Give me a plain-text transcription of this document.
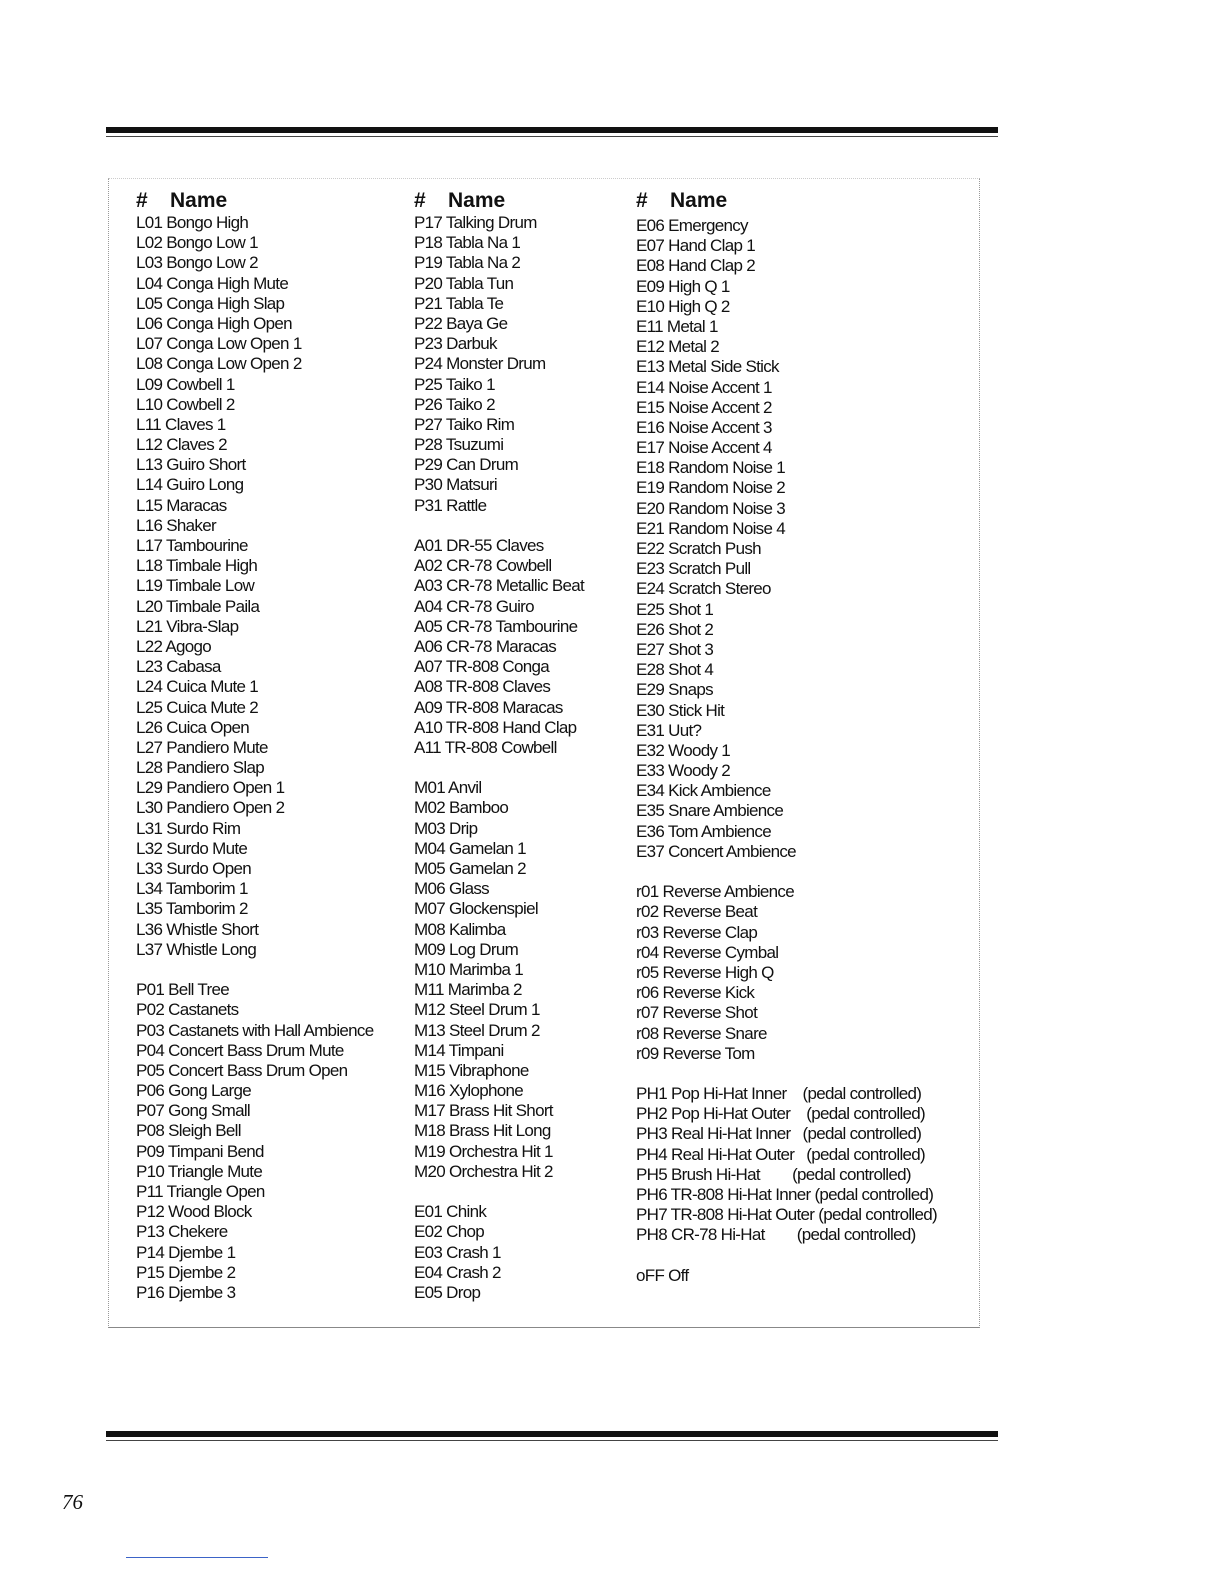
# Name
L01 Bongo High
L02 Bongo Low 1
L03 Bongo Low 2
L04 Conga High Mute
L05 Conga High Slap
L06 Conga High Open
L07 Conga Low Open 1
L08 Conga Low Open 2
L09 Cowbell 1
L10 Cowbell 2
L11 Claves 1
L12 Claves 2
L13 Guiro Short
L14 Guiro Long
L15 Maracas
L16 Shaker
L17 Tambourine
L18 Timbale High
L19 Timbale Low
L20 Timbale Paila
L21 Vibra-Slap
L22 Agogo
L23 Cabasa
L24 Cuica Mute 1
L25 Cuica Mute 2
L26 Cuica Open
L27 Pandiero Mute
L28 Pandiero Slap
L29 Pandiero Open 1
L30 Pandiero Open 2
L31 Surdo Rim
L32 Surdo Mute
L33 Surdo Open
L34 Tamborim 1
L35 Tamborim 2
L36 Whistle Short
L37 Whistle Long
P01 Bell Tree
P02 Castanets
P03 Castanets with Hall Ambience
P04 Concert Bass Drum Mute
P05 Concert Bass Drum Open
P06 Gong Large
P07 Gong Small
P08 Sleigh Bell
P09 Timpani Bend
P10 Triangle Mute
P11 Triangle Open
P12 Wood Block
P13 Chekere
P14 Djembe 1
P15 Djembe 2
P16 Djembe 3
# Name
P17 Talking Drum
P18 Tabla Na 1
P19 Tabla Na 2
P20 Tabla Tun
P21 Tabla Te
P22 Baya Ge
P23 Darbuk
P24 Monster Drum
P25 Taiko 1
P26 Taiko 2
P27 Taiko Rim
P28 Tsuzumi
P29 Can Drum
P30 Matsuri
P31 Rattle
A01 DR-55 Claves
A02 CR-78 Cowbell
A03 CR-78 Metallic Beat
A04 CR-78 Guiro
A05 CR-78 Tambourine
A06 CR-78 Maracas
A07 TR-808 Conga
A08 TR-808 Claves
A09 TR-808 Maracas
A10 TR-808 Hand Clap
A11 TR-808 Cowbell
M01 Anvil
M02 Bamboo
M03 Drip
M04 Gamelan 1
M05 Gamelan 2
M06 Glass
M07 Glockenspiel
M08 Kalimba
M09 Log Drum
M10 Marimba 1
M11 Marimba 2
M12 Steel Drum 1
M13 Steel Drum 2
M14 Timpani
M15 Vibraphone
M16 Xylophone
M17 Brass Hit Short
M18 Brass Hit Long
M19 Orchestra Hit 1
M20 Orchestra Hit 2
E01 Chink
E02 Chop
E03 Crash 1
E04 Crash 2
E05 Drop
# Name
E06 Emergency
E07 Hand Clap 1
E08 Hand Clap 2
E09 High Q 1
E10 High Q 2
E11 Metal 1
E12 Metal 2
E13 Metal Side Stick
E14 Noise Accent 1
E15 Noise Accent 2
E16 Noise Accent 3
E17 Noise Accent 4
E18 Random Noise 1
E19 Random Noise 2
E20 Random Noise 3
E21 Random Noise 4
E22 Scratch Push
E23 Scratch Pull
E24 Scratch Stereo
E25 Shot 1
E26 Shot 2
E27 Shot 3
E28 Shot 4
E29 Snaps
E30 Stick Hit
E31 Uut?
E32 Woody 1
E33 Woody 2
E34 Kick Ambience
E35 Snare Ambience
E36 Tom Ambience
E37 Concert Ambience
r01 Reverse Ambience
r02 Reverse Beat
r03 Reverse Clap
r04 Reverse Cymbal
r05 Reverse High Q
r06 Reverse Kick
r07 Reverse Shot
r08 Reverse Snare
r09 Reverse Tom
PH1 Pop Hi-Hat Inner    (pedal controlled)
PH2 Pop Hi-Hat Outer    (pedal controlled)
PH3 Real Hi-Hat Inner   (pedal controlled)
PH4 Real Hi-Hat Outer   (pedal controlled)
PH5 Brush Hi-Hat        (pedal controlled)
PH6 TR-808 Hi-Hat Inner (pedal controlled)
PH7 TR-808 Hi-Hat Outer (pedal controlled)
PH8 CR-78 Hi-Hat        (pedal controlled)
oFF Off
76
